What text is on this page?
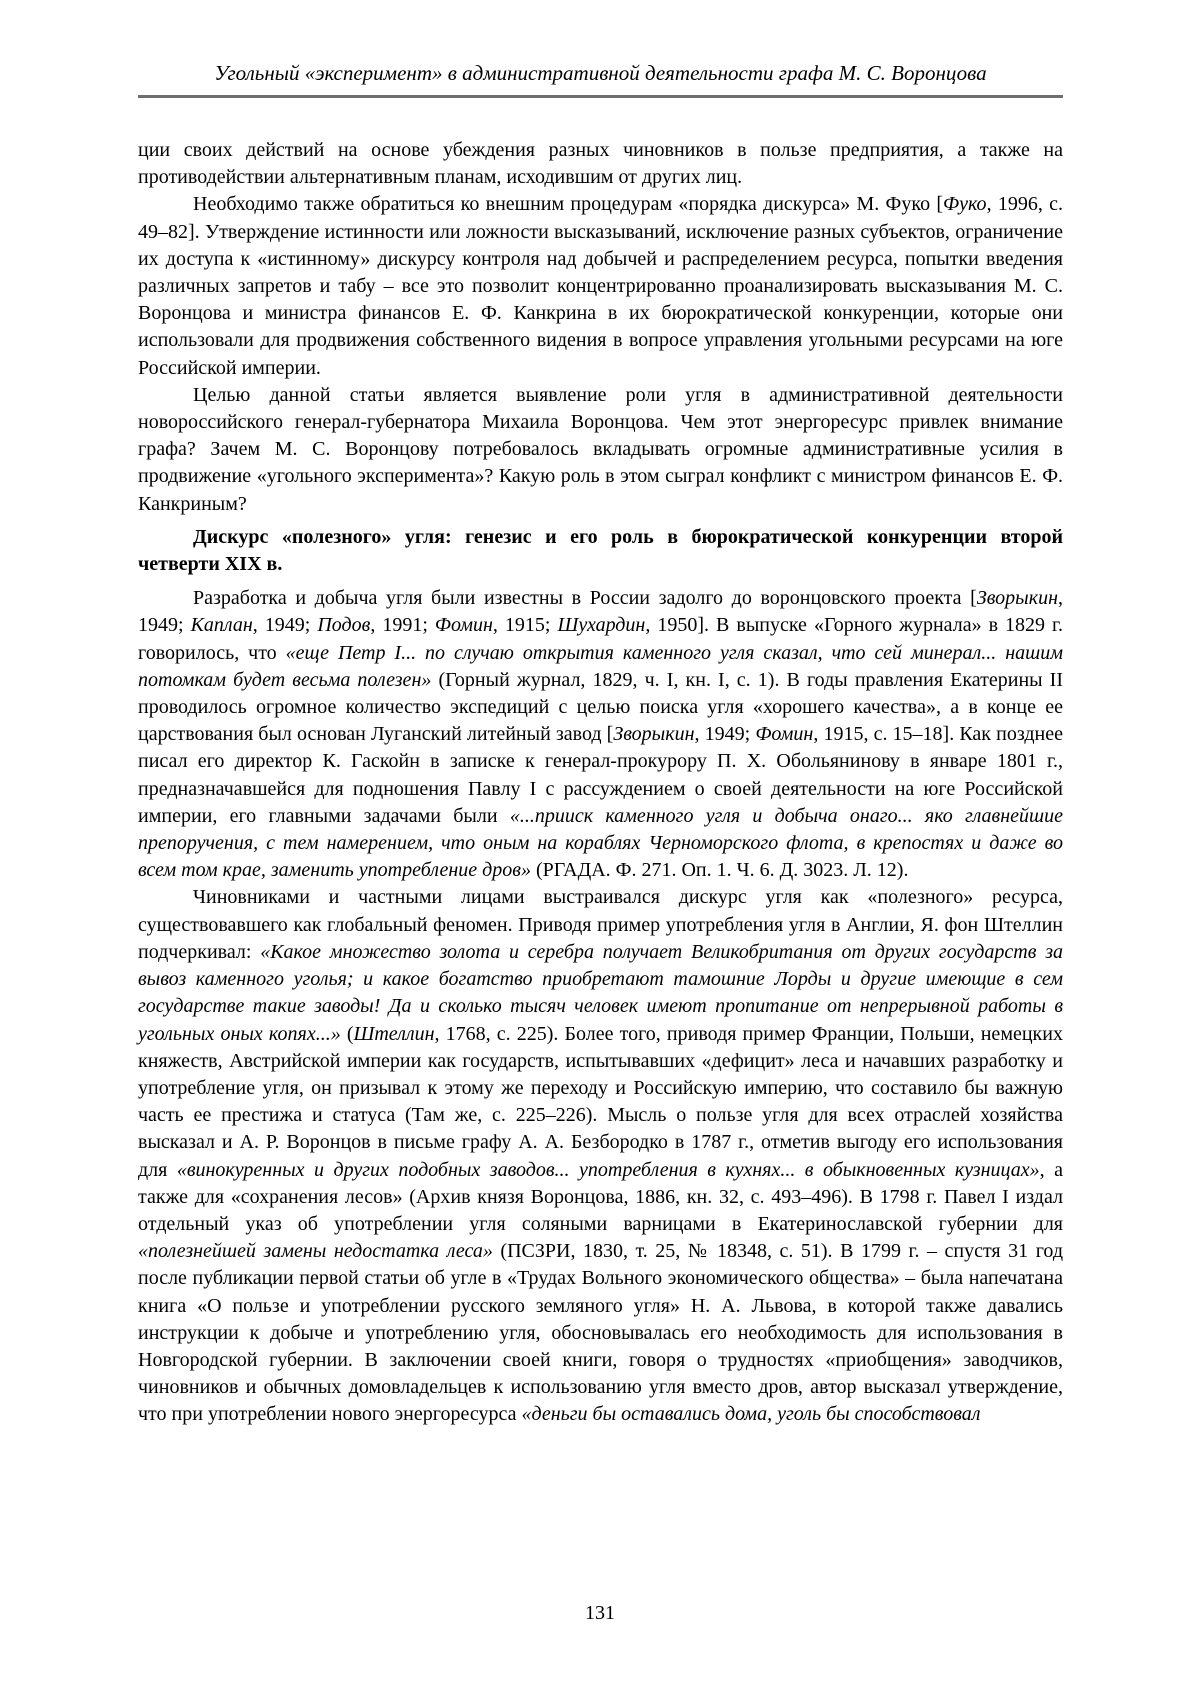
Угольный «эксперимент» в административной деятельности графа М. С. Воронцова

ции своих действий на основе убеждения разных чиновников в пользе предприятия, а также на противодействии альтернативным планам, исходившим от других лиц.

Необходимо также обратиться ко внешним процедурам «порядка дискурса» М. Фуко [Фуко, 1996, с. 49–82]. Утверждение истинности или ложности высказываний, исключение разных субъектов, ограничение их доступа к «истинному» дискурсу контроля над добычей и распределением ресурса, попытки введения различных запретов и табу – все это позволит концентрированно проанализировать высказывания М. С. Воронцова и министра финансов Е. Ф. Канкрина в их бюрократической конкуренции, которые они использовали для продвижения собственного видения в вопросе управления угольными ресурсами на юге Российской империи.

Целью данной статьи является выявление роли угля в административной деятельности новороссийского генерал-губернатора Михаила Воронцова. Чем этот энергоресурс привлек внимание графа? Зачем М. С. Воронцову потребовалось вкладывать огромные административные усилия в продвижение «угольного эксперимента»? Какую роль в этом сыграл конфликт с министром финансов Е. Ф. Канкриным?

Дискурс «полезного» угля: генезис и его роль в бюрократической конкуренции второй четверти XIX в.

Разработка и добыча угля были известны в России задолго до воронцовского проекта [Зворыкин, 1949; Каплан, 1949; Подов, 1991; Фомин, 1915; Шухардин, 1950]. В выпуске «Горного журнала» в 1829 г. говорилось, что «еще Петр I... по случаю открытия каменного угля сказал, что сей минерал... нашим потомкам будет весьма полезен» (Горный журнал, 1829, ч. I, кн. I, с. 1). В годы правления Екатерины II проводилось огромное количество экспедиций с целью поиска угля «хорошего качества», а в конце ее царствования был основан Луганский литейный завод [Зворыкин, 1949; Фомин, 1915, с. 15–18]. Как позднее писал его директор К. Гаскойн в записке к генерал-прокурору П. Х. Обольянинову в январе 1801 г., предназначавшейся для подношения Павлу I с рассуждением о своей деятельности на юге Российской империи, его главными задачами были «...прииск каменного угля и добыча онаго... яко главнейшие препоручения, с тем намерением, что оным на кораблях Черноморского флота, в крепостях и даже во всем том крае, заменить употребление дров» (РГАДА. Ф. 271. Оп. 1. Ч. 6. Д. 3023. Л. 12).

Чиновниками и частными лицами выстраивался дискурс угля как «полезного» ресурса, существовавшего как глобальный феномен. Приводя пример употребления угля в Англии, Я. фон Штеллин подчеркивал: «Какое множество золота и серебра получает Великобритания от других государств за вывоз каменного уголья; и какое богатство приобретают тамошние Лорды и другие имеющие в сем государстве такие заводы! Да и сколько тысяч человек имеют пропитание от непрерывной работы в угольных оных копях...» (Штеллин, 1768, с. 225). Более того, приводя пример Франции, Польши, немецких княжеств, Австрийской империи как государств, испытывавших «дефицит» леса и начавших разработку и употребление угля, он призывал к этому же переходу и Российскую империю, что составило бы важную часть ее престижа и статуса (Там же, с. 225–226). Мысль о пользе угля для всех отраслей хозяйства высказал и А. Р. Воронцов в письме графу А. А. Безбородко в 1787 г., отметив выгоду его использования для «винокуренных и других подобных заводов... употребления в кухнях... в обыкновенных кузницах», а также для «сохранения лесов» (Архив князя Воронцова, 1886, кн. 32, с. 493–496). В 1798 г. Павел I издал отдельный указ об употреблении угля соляными варницами в Екатеринославской губернии для «полезнейшей замены недостатка леса» (ПСЗРИ, 1830, т. 25, № 18348, с. 51). В 1799 г. – спустя 31 год после публикации первой статьи об угле в «Трудах Вольного экономического общества» – была напечатана книга «О пользе и употреблении русского земляного угля» Н. А. Львова, в которой также давались инструкции к добыче и употреблению угля, обосновывалась его необходимость для использования в Новгородской губернии. В заключении своей книги, говоря о трудностях «приобщения» заводчиков, чиновников и обычных домовладельцев к использованию угля вместо дров, автор высказал утверждение, что при употреблении нового энергоресурса «деньги бы оставались дома, уголь бы способствовал

131
